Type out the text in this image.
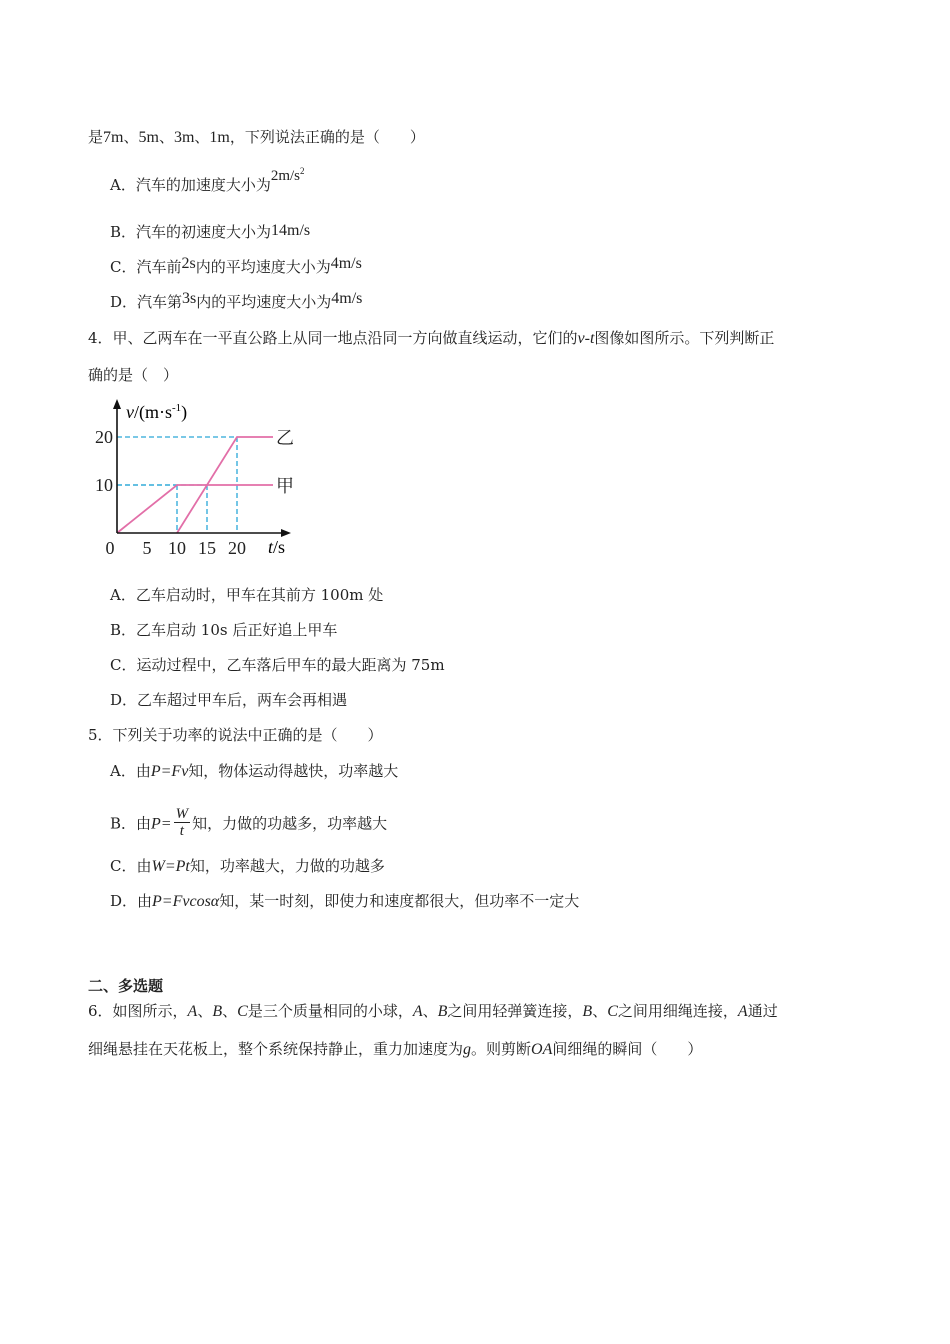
是7m、5m、3m、1m，下列说法正确的是（　　）
A．汽车的加速度大小为$2m/s^2$
B．汽车的初速度大小为14m/s
C．汽车前2s内的平均速度大小为4m/s
D．汽车第3s内的平均速度大小为4m/s
4．甲、乙两车在一平直公路上从同一地点沿同一方向做直线运动，它们的v-t图像如图所示。下列判断正
确的是（　）
甲
乙
0 5 10 15 20
10
20
$v/(m\cdot s^{-1})$
t/s
A．乙车启动时，甲车在其前方 100m 处
B．乙车启动 10s 后正好追上甲车
C．运动过程中，乙车落后甲车的最大距离为 75m
D．乙车超过甲车后，两车会再相遇
5．下列关于功率的说法中正确的是（　　）
A．由P=Fv知，物体运动得越快，功率越大
B．由$P= \frac{W}{t}$ 知，力做的功越多，功率越大
C．由W=Pt知，功率越大，力做的功越多
D．由P=Fvcosα知，某一时刻，即使力和速度都很大，但功率不一定大
二、多选题
6．如图所示，A、B、C是三个质量相同的小球，A、B之间用轻弹簧连接，B、C之间用细绳连接，A通过
细绳悬挂在天花板上，整个系统保持静止，重力加速度为g。则剪断OA间细绳的瞬间（　　）
